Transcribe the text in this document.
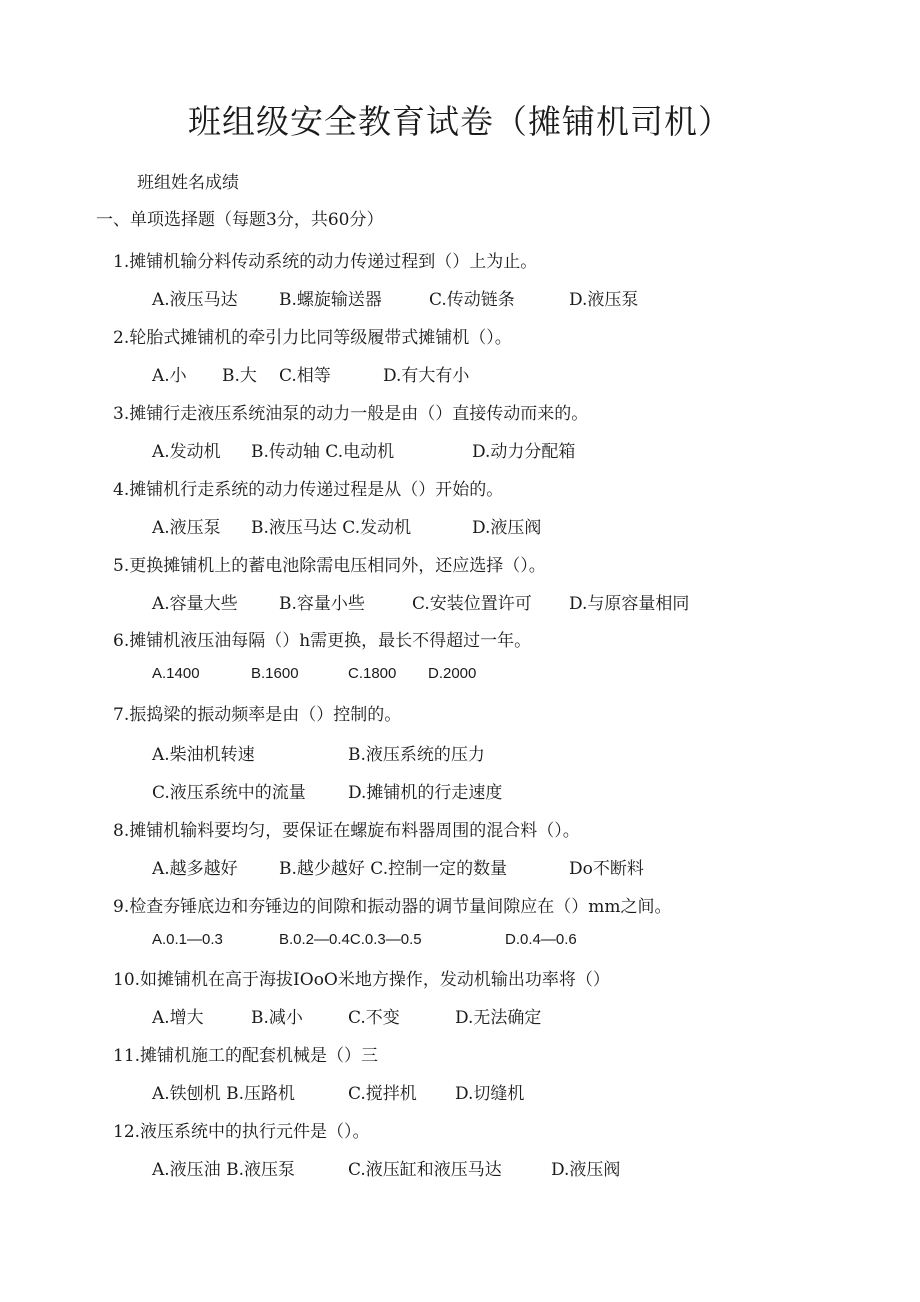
班组级安全教育试卷（摊铺机司机）
班组姓名成绩
一、单项选择题（每题3分，共60分）
1.摊铺机输分料传动系统的动力传递过程到（）上为止。
A.液压马达 B.螺旋输送器	C.传动链条	D.液压泵
2.轮胎式摊铺机的牵引力比同等级履带式摊铺机（）。
A.小 B.大 C.相等	D.有大有小
3.摊铺行走液压系统油泵的动力一般是由（）直接传动而来的。
A.发动机 B.传动轴 C.电动机	D.动力分配箱
4.摊铺机行走系统的动力传递过程是从（）开始的。
A.液压泵 B.液压马达 C.发动机	D.液压阀
5.更换摊铺机上的蓄电池除需电压相同外，还应选择（）。
A.容量大些 B.容量小些	C.安装位置许可 D.与原容量相同
6.摊铺机液压油每隔（）h需更换，最长不得超过一年。
A.1400	B.1600	C.1800 D.2000
7.振捣梁的振动频率是由（）控制的。
A.柴油机转速	B.液压系统的压力
C.液压系统中的流量 D.摊铺机的行走速度
8.摊铺机输料要均匀，要保证在螺旋布料器周围的混合料（）。
A.越多越好 B.越少越好 C.控制一定的数量	Do不断料
9.检查夯锤底边和夯锤边的间隙和振动器的调节量间隙应在（）mm之间。
A.0.1—0.3	B.0.2—0.4C.0.3—0.5	D.0.4—0.6
10.如摊铺机在高于海拔IOoO米地方操作，发动机输出功率将（）
A.增大	B.减小	C.不变	D.无法确定
11.摊铺机施工的配套机械是（）三
A.铁刨机 B.压路机	C.搅拌机 D.切缝机
12.液压系统中的执行元件是（）。
A.液压油 B.液压泵	C.液压缸和液压马达	D.液压阀
